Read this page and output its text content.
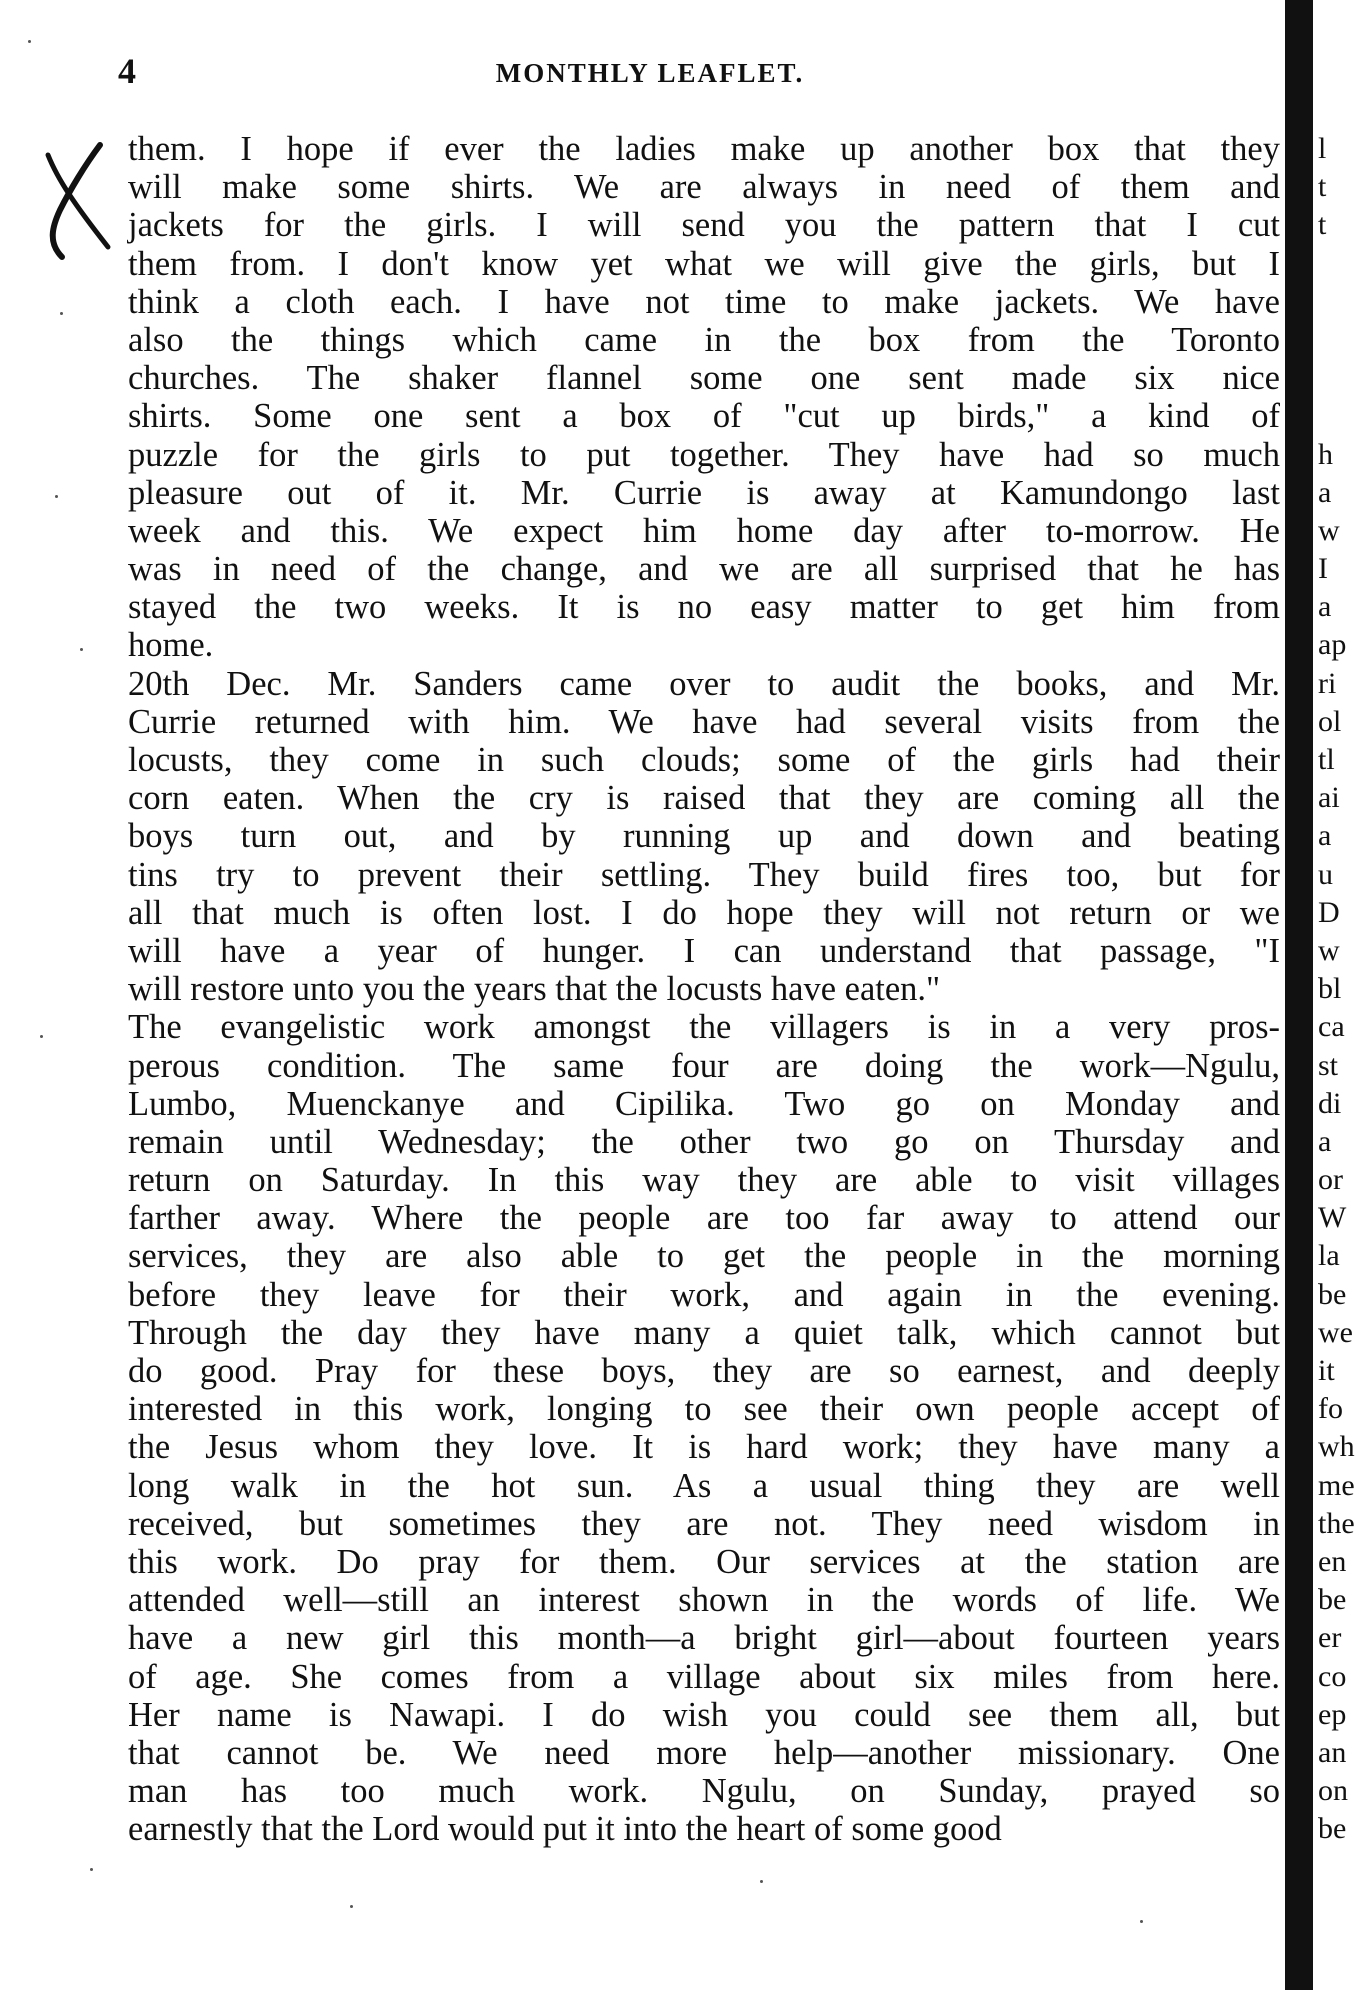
4	MONTHLY LEAFLET.
them. I hope if ever the ladies make up another box that they
will make some shirts. We are always in need of them and
jackets for the girls. I will send you the pattern that I cut
them from. I don't know yet what we will give the girls, but I
think a cloth each. I have not time to make jackets. We have
also the things which came in the box from the Toronto
churches. The shaker flannel some one sent made six nice
shirts. Some one sent a box of "cut up birds," a kind of
puzzle for the girls to put together. They have had so much
pleasure out of it. Mr. Currie is away at Kamundongo last
week and this. We expect him home day after to-morrow. He
was in need of the change, and we are all surprised that he has
stayed the two weeks. It is no easy matter to get him from
home.
20th Dec. Mr. Sanders came over to audit the books, and Mr.
Currie returned with him. We have had several visits from the
locusts, they come in such clouds; some of the girls had their
corn eaten. When the cry is raised that they are coming all the
boys turn out, and by running up and down and beating
tins try to prevent their settling. They build fires too, but for
all that much is often lost. I do hope they will not return or we
will have a year of hunger. I can understand that passage, "I
will restore unto you the years that the locusts have eaten."
The evangelistic work amongst the villagers is in a very pros-
perous condition. The same four are doing the work—Ngulu,
Lumbo, Muenckanye and Cipilika. Two go on Monday and
remain until Wednesday; the other two go on Thursday and
return on Saturday. In this way they are able to visit villages
farther away. Where the people are too far away to attend our
services, they are also able to get the people in the morning
before they leave for their work, and again in the evening.
Through the day they have many a quiet talk, which cannot but
do good. Pray for these boys, they are so earnest, and deeply
interested in this work, longing to see their own people accept of
the Jesus whom they love. It is hard work; they have many a
long walk in the hot sun. As a usual thing they are well
received, but sometimes they are not. They need wisdom in
this work. Do pray for them. Our services at the station are
attended well—still an interest shown in the words of life. We
have a new girl this month—a bright girl—about fourteen years
of age. She comes from a village about six miles from here.
Her name is Nawapi. I do wish you could see them all, but
that cannot be. We need more help—another missionary. One
man has too much work. Ngulu, on Sunday, prayed so
earnestly that the Lord would put it into the heart of some good
l
t
t
h
a
w
I
a
ap
ri
ol
tl
ai
a
u
D
w
bl
ca
st
di
a
or
W
la
be
we
it
fo
wh
me
the
en
be
er
co
ep
an
on
be
